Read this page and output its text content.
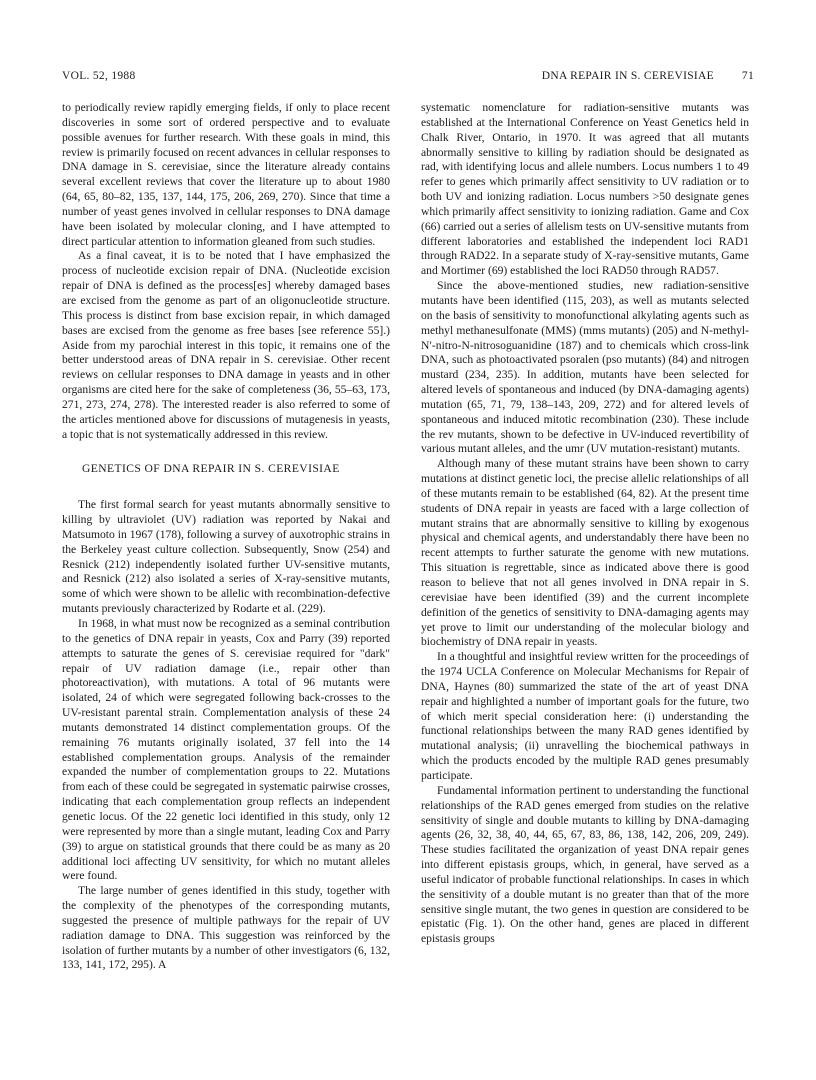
VOL. 52, 1988	DNA REPAIR IN S. CEREVISIAE 71

to periodically review rapidly emerging fields, if only to place recent discoveries in some sort of ordered perspective and to evaluate possible avenues for further research. With these goals in mind, this review is primarily focused on recent advances in cellular responses to DNA damage in S. cerevisiae, since the literature already contains several excellent reviews that cover the literature up to about 1980 (64, 65, 80–82, 135, 137, 144, 175, 206, 269, 270). Since that time a number of yeast genes involved in cellular responses to DNA damage have been isolated by molecular cloning, and I have attempted to direct particular attention to information gleaned from such studies.

As a final caveat, it is to be noted that I have emphasized the process of nucleotide excision repair of DNA. (Nucleotide excision repair of DNA is defined as the process[es] whereby damaged bases are excised from the genome as part of an oligonucleotide structure. This process is distinct from base excision repair, in which damaged bases are excised from the genome as free bases [see reference 55].) Aside from my parochial interest in this topic, it remains one of the better understood areas of DNA repair in S. cerevisiae. Other recent reviews on cellular responses to DNA damage in yeasts and in other organisms are cited here for the sake of completeness (36, 55–63, 173, 271, 273, 274, 278). The interested reader is also referred to some of the articles mentioned above for discussions of mutagenesis in yeasts, a topic that is not systematically addressed in this review.

GENETICS OF DNA REPAIR IN S. CEREVISIAE

The first formal search for yeast mutants abnormally sensitive to killing by ultraviolet (UV) radiation was reported by Nakai and Matsumoto in 1967 (178), following a survey of auxotrophic strains in the Berkeley yeast culture collection. Subsequently, Snow (254) and Resnick (212) independently isolated further UV-sensitive mutants, and Resnick (212) also isolated a series of X-ray-sensitive mutants, some of which were shown to be allelic with recombination-defective mutants previously characterized by Rodarte et al. (229).

In 1968, in what must now be recognized as a seminal contribution to the genetics of DNA repair in yeasts, Cox and Parry (39) reported attempts to saturate the genes of S. cerevisiae required for "dark" repair of UV radiation damage (i.e., repair other than photoreactivation), with mutations. A total of 96 mutants were isolated, 24 of which were segregated following back-crosses to the UV-resistant parental strain. Complementation analysis of these 24 mutants demonstrated 14 distinct complementation groups. Of the remaining 76 mutants originally isolated, 37 fell into the 14 established complementation groups. Analysis of the remainder expanded the number of complementation groups to 22. Mutations from each of these could be segregated in systematic pairwise crosses, indicating that each complementation group reflects an independent genetic locus. Of the 22 genetic loci identified in this study, only 12 were represented by more than a single mutant, leading Cox and Parry (39) to argue on statistical grounds that there could be as many as 20 additional loci affecting UV sensitivity, for which no mutant alleles were found.

The large number of genes identified in this study, together with the complexity of the phenotypes of the corresponding mutants, suggested the presence of multiple pathways for the repair of UV radiation damage to DNA. This suggestion was reinforced by the isolation of further mutants by a number of other investigators (6, 132, 133, 141, 172, 295). A

systematic nomenclature for radiation-sensitive mutants was established at the International Conference on Yeast Genetics held in Chalk River, Ontario, in 1970. It was agreed that all mutants abnormally sensitive to killing by radiation should be designated as rad, with identifying locus and allele numbers. Locus numbers 1 to 49 refer to genes which primarily affect sensitivity to UV radiation or to both UV and ionizing radiation. Locus numbers >50 designate genes which primarily affect sensitivity to ionizing radiation. Game and Cox (66) carried out a series of allelism tests on UV-sensitive mutants from different laboratories and established the independent loci RAD1 through RAD22. In a separate study of X-ray-sensitive mutants, Game and Mortimer (69) established the loci RAD50 through RAD57.

Since the above-mentioned studies, new radiation-sensitive mutants have been identified (115, 203), as well as mutants selected on the basis of sensitivity to monofunctional alkylating agents such as methyl methanesulfonate (MMS) (mms mutants) (205) and N-methyl-N′-nitro-N-nitrosoguanidine (187) and to chemicals which cross-link DNA, such as photoactivated psoralen (pso mutants) (84) and nitrogen mustard (234, 235). In addition, mutants have been selected for altered levels of spontaneous and induced (by DNA-damaging agents) mutation (65, 71, 79, 138–143, 209, 272) and for altered levels of spontaneous and induced mitotic recombination (230). These include the rev mutants, shown to be defective in UV-induced revertibility of various mutant alleles, and the umr (UV mutation-resistant) mutants.

Although many of these mutant strains have been shown to carry mutations at distinct genetic loci, the precise allelic relationships of all of these mutants remain to be established (64, 82). At the present time students of DNA repair in yeasts are faced with a large collection of mutant strains that are abnormally sensitive to killing by exogenous physical and chemical agents, and understandably there have been no recent attempts to further saturate the genome with new mutations. This situation is regrettable, since as indicated above there is good reason to believe that not all genes involved in DNA repair in S. cerevisiae have been identified (39) and the current incomplete definition of the genetics of sensitivity to DNA-damaging agents may yet prove to limit our understanding of the molecular biology and biochemistry of DNA repair in yeasts.

In a thoughtful and insightful review written for the proceedings of the 1974 UCLA Conference on Molecular Mechanisms for Repair of DNA, Haynes (80) summarized the state of the art of yeast DNA repair and highlighted a number of important goals for the future, two of which merit special consideration here: (i) understanding the functional relationships between the many RAD genes identified by mutational analysis; (ii) unravelling the biochemical pathways in which the products encoded by the multiple RAD genes presumably participate.

Fundamental information pertinent to understanding the functional relationships of the RAD genes emerged from studies on the relative sensitivity of single and double mutants to killing by DNA-damaging agents (26, 32, 38, 40, 44, 65, 67, 83, 86, 138, 142, 206, 209, 249). These studies facilitated the organization of yeast DNA repair genes into different epistasis groups, which, in general, have served as a useful indicator of probable functional relationships. In cases in which the sensitivity of a double mutant is no greater than that of the more sensitive single mutant, the two genes in question are considered to be epistatic (Fig. 1). On the other hand, genes are placed in different epistasis groups
